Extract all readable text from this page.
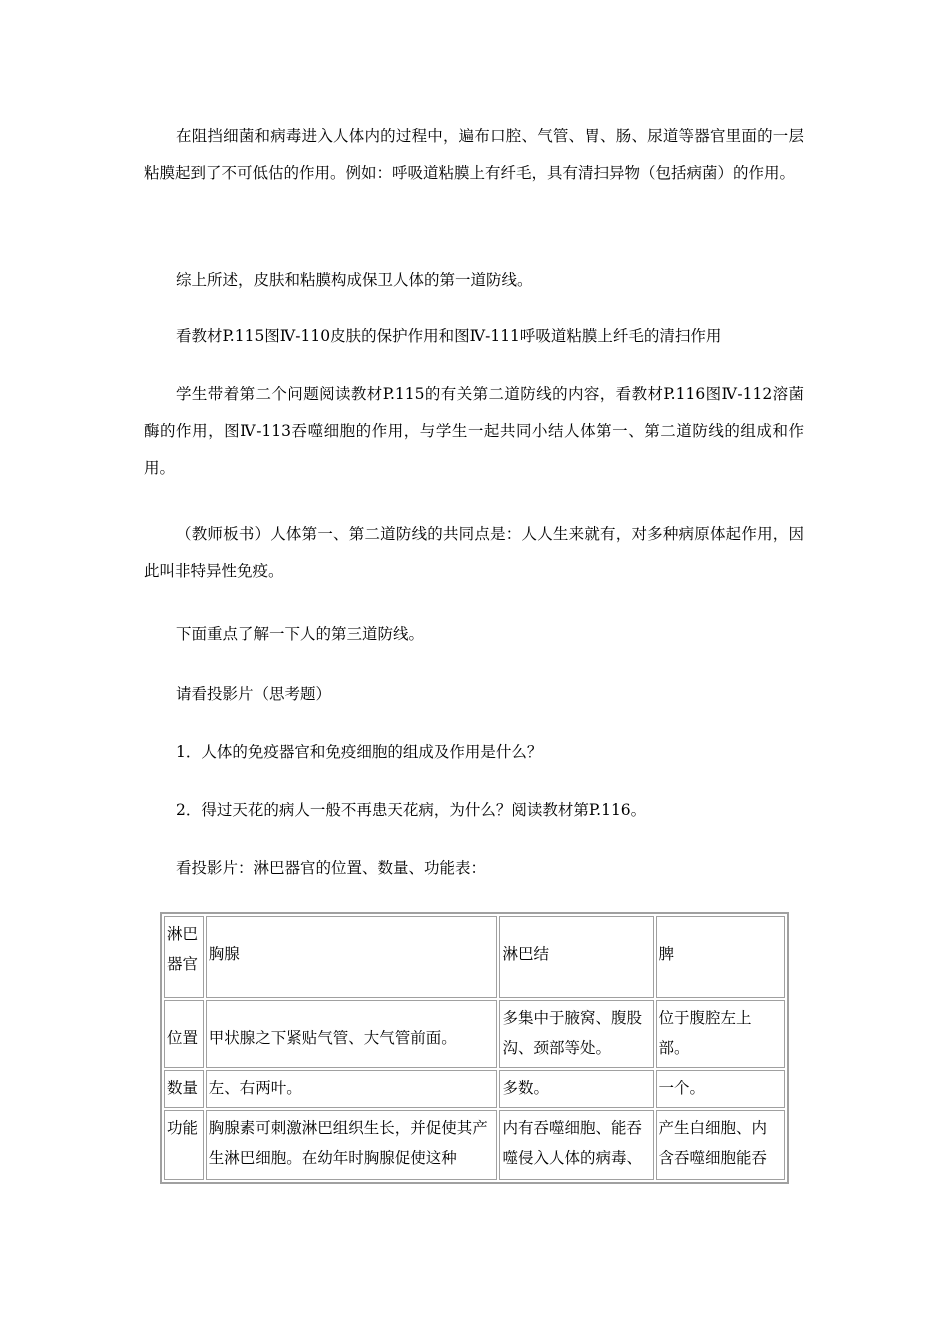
在阻挡细菌和病毒进入人体内的过程中，遍布口腔、气管、胃、肠、尿道等器官里面的一层粘膜起到了不可低估的作用。例如：呼吸道粘膜上有纤毛，具有清扫异物（包括病菌）的作用。

综上所述，皮肤和粘膜构成保卫人体的第一道防线。

看教材P.115图Ⅳ-110皮肤的保护作用和图Ⅳ-111呼吸道粘膜上纤毛的清扫作用

学生带着第二个问题阅读教材P.115的有关第二道防线的内容，看教材P.116图Ⅳ-112溶菌酶的作用，图Ⅳ-113吞噬细胞的作用，与学生一起共同小结人体第一、第二道防线的组成和作用。

（教师板书）人体第一、第二道防线的共同点是：人人生来就有，对多种病原体起作用，因此叫非特异性免疫。

下面重点了解一下人的第三道防线。

请看投影片（思考题）

1．人体的免疫器官和免疫细胞的组成及作用是什么？

2．得过天花的病人一般不再患天花病，为什么？阅读教材第P.116。

看投影片：淋巴器官的位置、数量、功能表：

淋巴器官	胸腺	淋巴结	脾

位置	甲状腺之下紧贴气管、大气管前面。	多集中于腋窝、腹股沟、颈部等处。	位于腹腔左上部。
数量	左、右两叶。	多数。	一个。
功能	胸腺素可刺激淋巴组织生长，并促使其产生淋巴细胞。在幼年时胸腺促使这种	内有吞噬细胞、能吞噬侵入人体的病毒、	产生白细胞、内含吞噬细胞能吞
